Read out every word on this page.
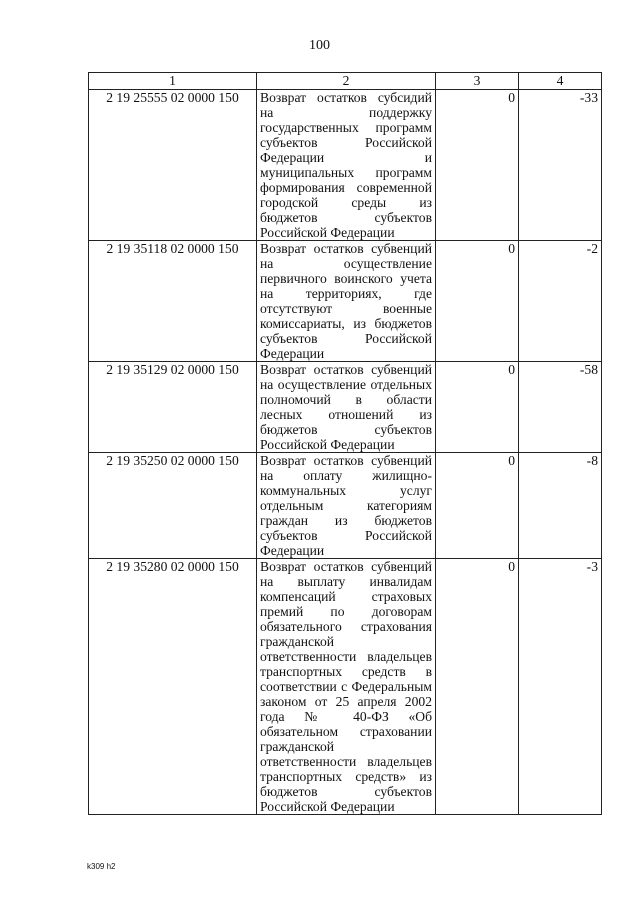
100
1	2	3	4
2 19 25555 02 0000 150	Возврат остатков субсидий на поддержку государственных программ субъектов Российской Федерации и муниципальных программ формирования современной городской среды из бюджетов субъектов Российской Федерации	0	-33
2 19 35118 02 0000 150	Возврат остатков субвенций на осуществление первичного воинского учета на территориях, где отсутствуют военные комиссариаты, из бюджетов субъектов Российской Федерации	0	-2
2 19 35129 02 0000 150	Возврат остатков субвенций на осуществление отдельных полномочий в области лесных отношений из бюджетов субъектов Российской Федерации	0	-58
2 19 35250 02 0000 150	Возврат остатков субвенций на оплату жилищно-коммунальных услуг отдельным категориям граждан из бюджетов субъектов Российской Федерации	0	-8
2 19 35280 02 0000 150	Возврат остатков субвенций на выплату инвалидам компенсаций страховых премий по договорам обязательного страхования гражданской ответственности владельцев транспортных средств в соответствии с Федеральным законом от 25 апреля 2002 года № 40-ФЗ «Об обязательном страховании гражданской ответственности владельцев транспортных средств» из бюджетов субъектов Российской Федерации	0	-3
k309 h2
